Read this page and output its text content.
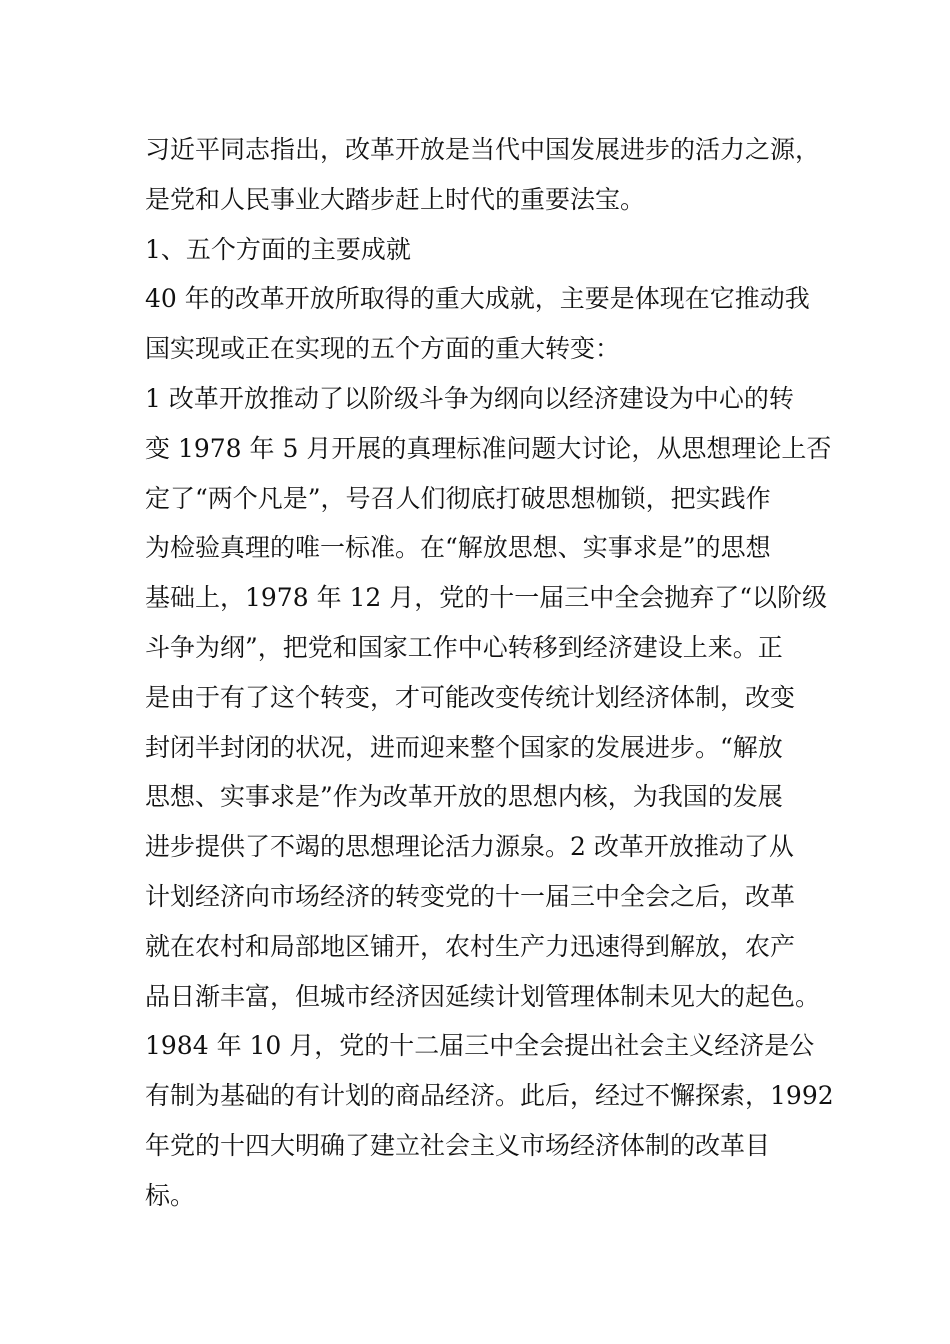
习近平同志指出，改革开放是当代中国发展进步的活力之源，
是党和人民事业大踏步赶上时代的重要法宝。
1、五个方面的主要成就
40 年的改革开放所取得的重大成就，主要是体现在它推动我
国实现或正在实现的五个方面的重大转变：
1 改革开放推动了以阶级斗争为纲向以经济建设为中心的转
变 1978 年 5 月开展的真理标准问题大讨论，从思想理论上否
定了“两个凡是”，号召人们彻底打破思想枷锁，把实践作
为检验真理的唯一标准。在“解放思想、实事求是”的思想
基础上，1978 年 12 月，党的十一届三中全会抛弃了“以阶级
斗争为纲”，把党和国家工作中心转移到经济建设上来。正
是由于有了这个转变，才可能改变传统计划经济体制，改变
封闭半封闭的状况，进而迎来整个国家的发展进步。“解放
思想、实事求是”作为改革开放的思想内核，为我国的发展
进步提供了不竭的思想理论活力源泉。2 改革开放推动了从
计划经济向市场经济的转变党的十一届三中全会之后，改革
就在农村和局部地区铺开，农村生产力迅速得到解放，农产
品日渐丰富，但城市经济因延续计划管理体制未见大的起色。
1984 年 10 月，党的十二届三中全会提出社会主义经济是公
有制为基础的有计划的商品经济。此后，经过不懈探索，1992
年党的十四大明确了建立社会主义市场经济体制的改革目
标。
